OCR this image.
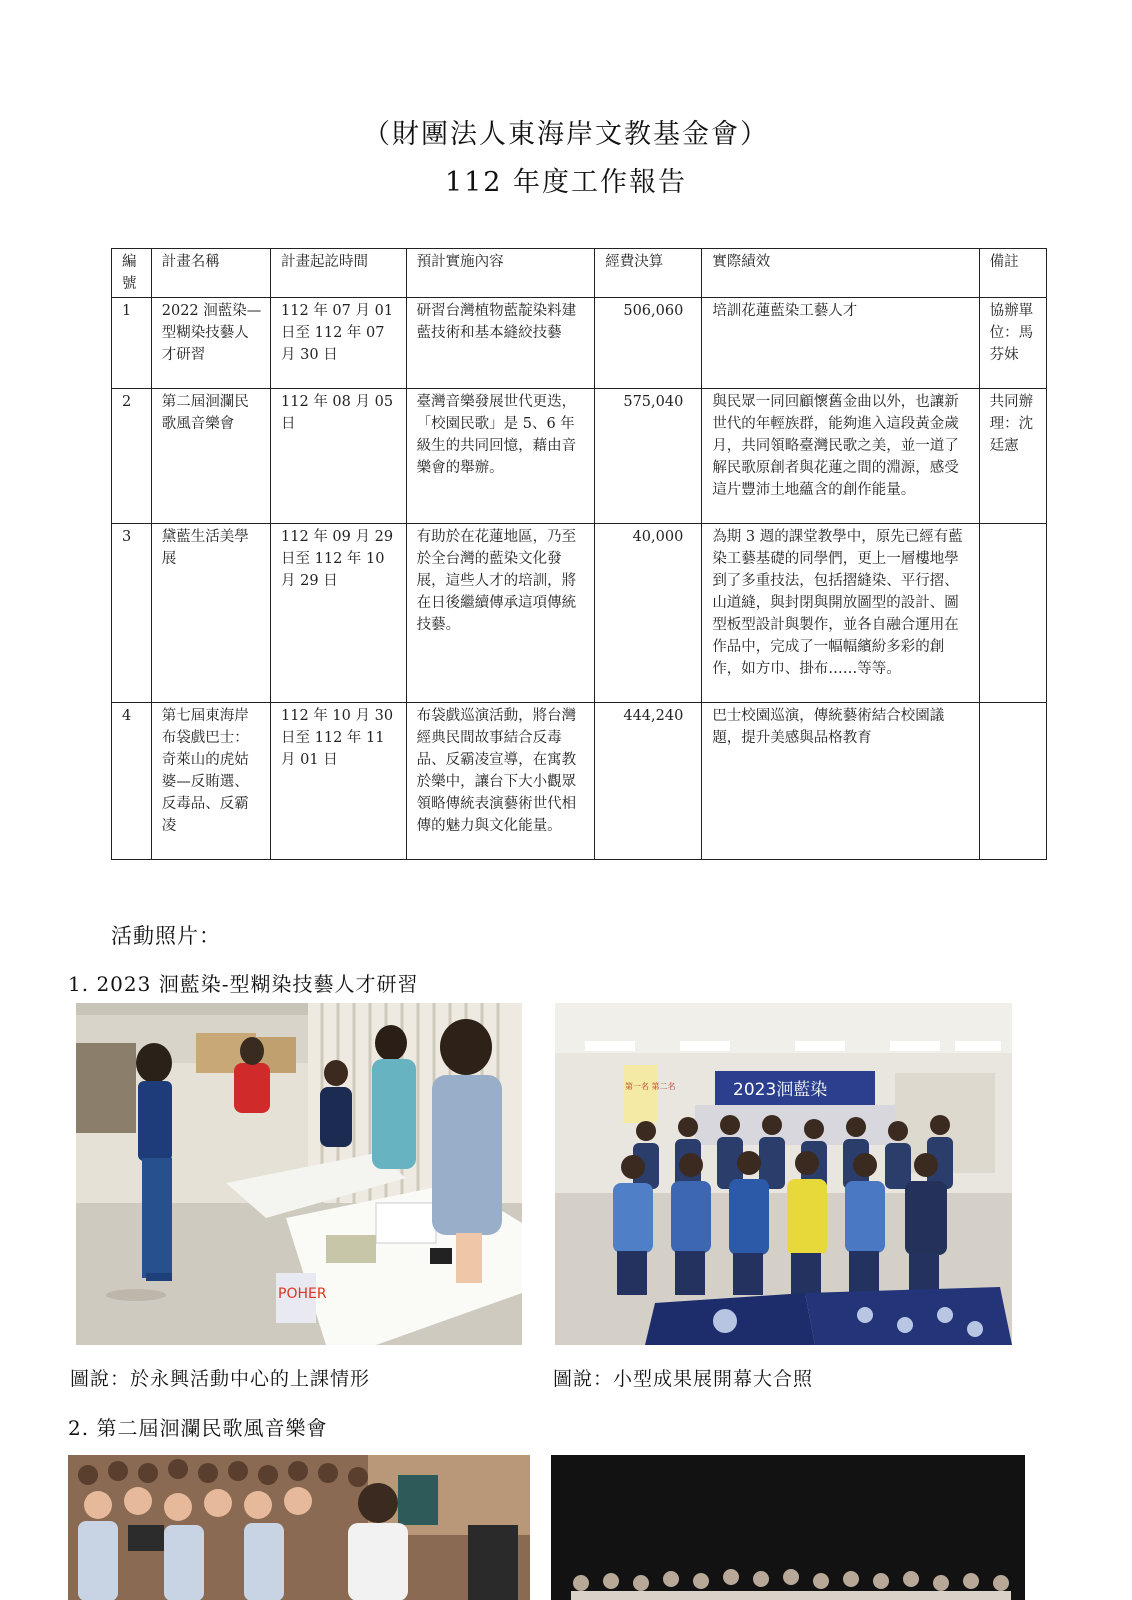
（財團法人東海岸文教基金會）
112 年度工作報告
編號	計畫名稱	計畫起訖時間	預計實施內容	經費決算	實際績效	備註
1	2022 洄藍染—型糊染技藝人才研習	112 年 07 月 01 日至 112 年 07 月 30 日	研習台灣植物藍靛染料建藍技術和基本縫絞技藝	506,060	培訓花蓮藍染工藝人才	協辦單位：馬芬妹
2	第二屆洄瀾民歌風音樂會	112 年 08 月 05 日	臺灣音樂發展世代更迭，「校園民歌」是 5、6 年級生的共同回憶，藉由音樂會的舉辦。	575,040	與民眾一同回顧懷舊金曲以外，也讓新世代的年輕族群，能夠進入這段黃金歲月，共同領略臺灣民歌之美，並一道了解民歌原創者與花蓮之間的淵源，感受這片豐沛土地蘊含的創作能量。	共同辦理：沈廷憲
3	黛藍生活美學展	112 年 09 月 29 日至 112 年 10 月 29 日	有助於在花蓮地區，乃至於全台灣的藍染文化發展，這些人才的培訓，將在日後繼續傳承這項傳統技藝。	40,000	為期 3 週的課堂教學中，原先已經有藍染工藝基礎的同學們，更上一層樓地學到了多重技法，包括摺縫染、平行摺、山道縫，與封閉與開放圖型的設計、圖型板型設計與製作，並各自融合運用在作品中，完成了一幅幅繽紛多彩的創作，如方巾、掛布……等等。	
4	第七屆東海岸布袋戲巴士：奇萊山的虎姑婆—反賄選、反毒品、反霸凌	112 年 10 月 30 日至 112 年 11 月 01 日	布袋戲巡演活動，將台灣經典民間故事結合反毒品、反霸凌宣導，在寓教於樂中，讓台下大小觀眾領略傳統表演藝術世代相傳的魅力與文化能量。	444,240	巴士校園巡演，傳統藝術結合校園議題，提升美感與品格教育	
活動照片：
1. 2023 洄藍染-型糊染技藝人才研習
POHER
2023洄藍染
第一名 第二名
圖說：於永興活動中心的上課情形	圖說：小型成果展開幕大合照
2. 第二屆洄瀾民歌風音樂會
